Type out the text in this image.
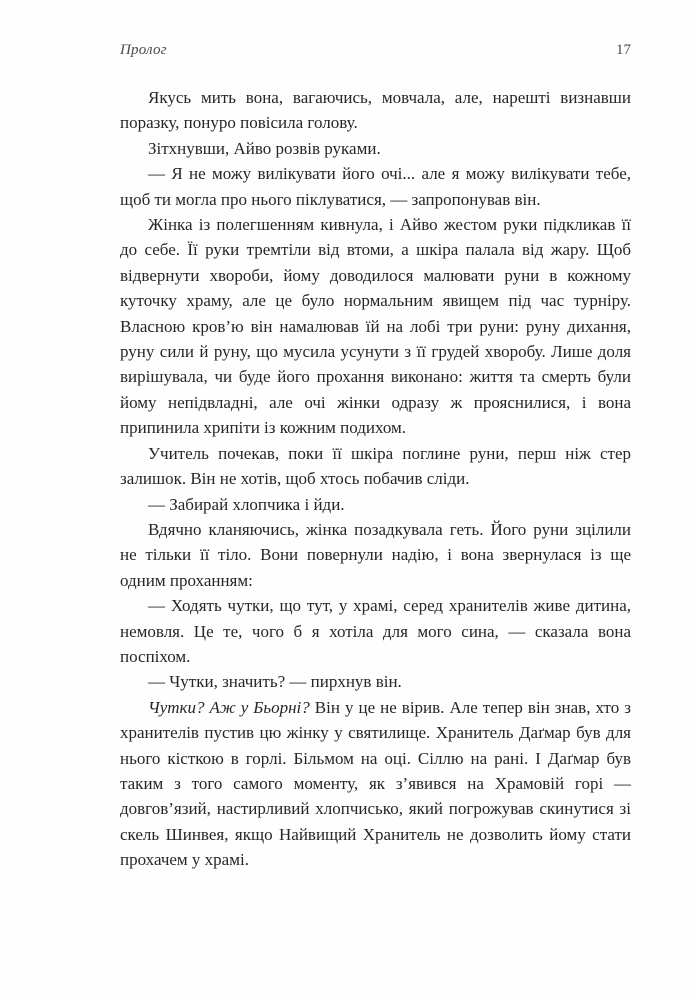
Пролог	17

Якусь мить вона, вагаючись, мовчала, але, нарешті визнавши поразку, понуро повісила голову.

Зітхнувши, Айво розвів руками.

— Я не можу вилікувати його очі... але я можу вилікувати тебе, щоб ти могла про нього піклуватися, — запропонував він.

Жінка із полегшенням кивнула, і Айво жестом руки підкликав її до себе. Її руки тремтіли від втоми, а шкіра палала від жару. Щоб відвернути хвороби, йому доводилося малювати руни в кожному куточку храму, але це було нормальним явищем під час турніру. Власною кров’ю він намалював їй на лобі три руни: руну дихання, руну сили й руну, що мусила усунути з її грудей хворобу. Лише доля вирішувала, чи буде його прохання виконано: життя та смерть були йому непідвладні, але очі жінки одразу ж прояснилися, і вона припинила хрипіти із кожним подихом.

Учитель почекав, поки її шкіра поглине руни, перш ніж стер залишок. Він не хотів, щоб хтось побачив сліди.

— Забирай хлопчика і йди.

Вдячно кланяючись, жінка позадкувала геть. Його руни зцілили не тільки її тіло. Вони повернули надію, і вона звернулася із ще одним проханням:

— Ходять чутки, що тут, у храмі, серед хранителів живе дитина, немовля. Це те, чого б я хотіла для мого сина, — сказала вона поспіхом.

— Чутки, значить? — пирхнув він.

Чутки? Аж у Бьорні? Він у це не вірив. Але тепер він знав, хто з хранителів пустив цю жінку у святилище. Хранитель Даґмар був для нього кісткою в горлі. Більмом на оці. Сіллю на рані. І Даґмар був таким з того самого моменту, як з’явився на Храмовій горі — довгов’язий, настирливий хлопчисько, який погрожував скинутися зі скель Шинвея, якщо Найвищий Хранитель не дозволить йому стати прохачем у храмі.
